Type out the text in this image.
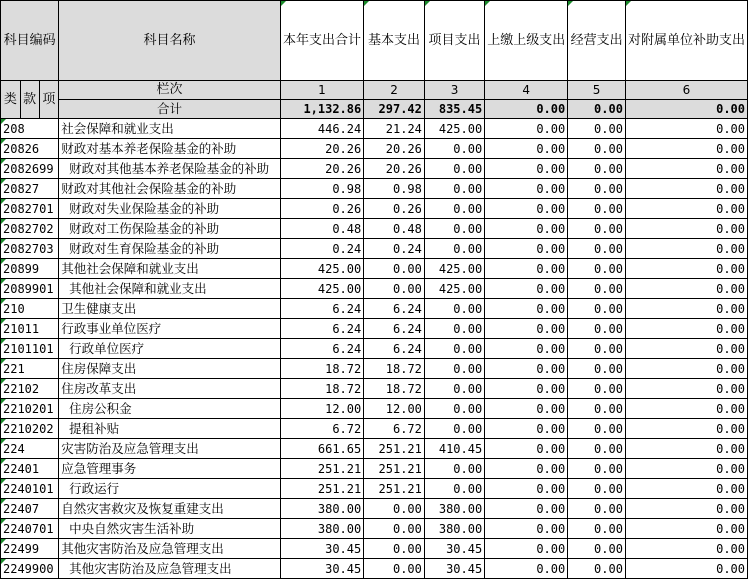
科目编码			科目名称	本年支出合计	基本支出	项目支出	上缴上级支出	经营支出	对附属单位补助支出
类	款	项	栏次	1	2	3	4	5	6
			合计	1,132.86	297.42	835.45	0.00	0.00	0.00
208			社会保障和就业支出	446.24	21.24	425.00	0.00	0.00	0.00
20826			财政对基本养老保险基金的补助	20.26	20.26	0.00	0.00	0.00	0.00
2082699			财政对其他基本养老保险基金的补助	20.26	20.26	0.00	0.00	0.00	0.00
20827			财政对其他社会保险基金的补助	0.98	0.98	0.00	0.00	0.00	0.00
2082701			财政对失业保险基金的补助	0.26	0.26	0.00	0.00	0.00	0.00
2082702			财政对工伤保险基金的补助	0.48	0.48	0.00	0.00	0.00	0.00
2082703			财政对生育保险基金的补助	0.24	0.24	0.00	0.00	0.00	0.00
20899			其他社会保障和就业支出	425.00	0.00	425.00	0.00	0.00	0.00
2089901			其他社会保障和就业支出	425.00	0.00	425.00	0.00	0.00	0.00
210			卫生健康支出	6.24	6.24	0.00	0.00	0.00	0.00
21011			行政事业单位医疗	6.24	6.24	0.00	0.00	0.00	0.00
2101101			行政单位医疗	6.24	6.24	0.00	0.00	0.00	0.00
221			住房保障支出	18.72	18.72	0.00	0.00	0.00	0.00
22102			住房改革支出	18.72	18.72	0.00	0.00	0.00	0.00
2210201			住房公积金	12.00	12.00	0.00	0.00	0.00	0.00
2210202			提租补贴	6.72	6.72	0.00	0.00	0.00	0.00
224			灾害防治及应急管理支出	661.65	251.21	410.45	0.00	0.00	0.00
22401			应急管理事务	251.21	251.21	0.00	0.00	0.00	0.00
2240101			行政运行	251.21	251.21	0.00	0.00	0.00	0.00
22407			自然灾害救灾及恢复重建支出	380.00	0.00	380.00	0.00	0.00	0.00
2240701			中央自然灾害生活补助	380.00	0.00	380.00	0.00	0.00	0.00
22499			其他灾害防治及应急管理支出	30.45	0.00	30.45	0.00	0.00	0.00
2249900			其他灾害防治及应急管理支出	30.45	0.00	30.45	0.00	0.00	0.00
